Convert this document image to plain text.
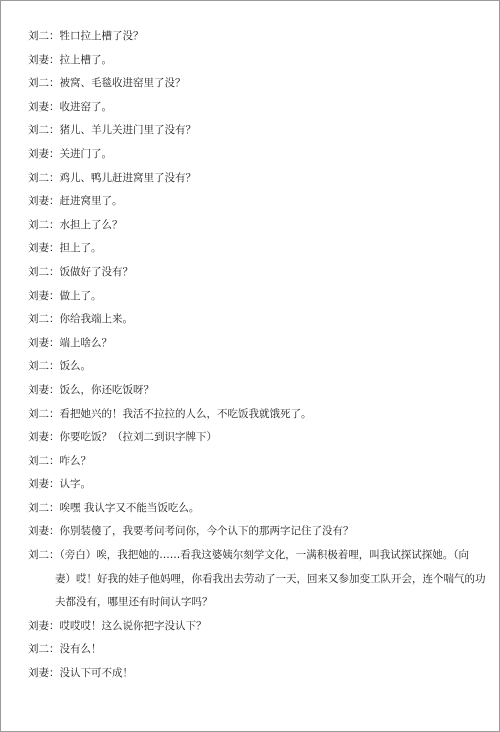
刘二：牲口拉上槽了没？
刘妻：拉上槽了。
刘二：被窝、毛毯收进窑里了没？
刘妻：收进窑了。
刘二：猪儿、羊儿关进门里了没有？
刘妻：关进门了。
刘二：鸡儿、鸭儿赶进窝里了没有？
刘妻：赶进窝里了。
刘二：水担上了么？
刘妻：担上了。
刘二：饭做好了没有？
刘妻：做上了。
刘二：你给我端上来。
刘妻：端上啥么？
刘二：饭么。
刘妻：饭么，你还吃饭呀？
刘二：看把她兴的！我活不拉拉的人么，不吃饭我就饿死了。
刘妻：你要吃饭？（拉刘二到识字牌下）
刘二：咋么？
刘妻：认字。
刘二：唉嘿 我认字又不能当饭吃么。
刘妻：你别装傻了，我要考问考问你，今个认下的那两字记住了没有？
刘二：（旁白）唉，我把她的……看我这婆姨尔刻学文化，一满积极着哩，叫我试探试探她。（向
妻）哎！好我的娃子他妈哩，你看我出去劳动了一天，回来又参加变工队开会，连个喘气的功
夫都没有，哪里还有时间认字吗？
刘妻：哎哎哎！这么说你把字没认下？
刘二：没有么！
刘妻：没认下可不成！
